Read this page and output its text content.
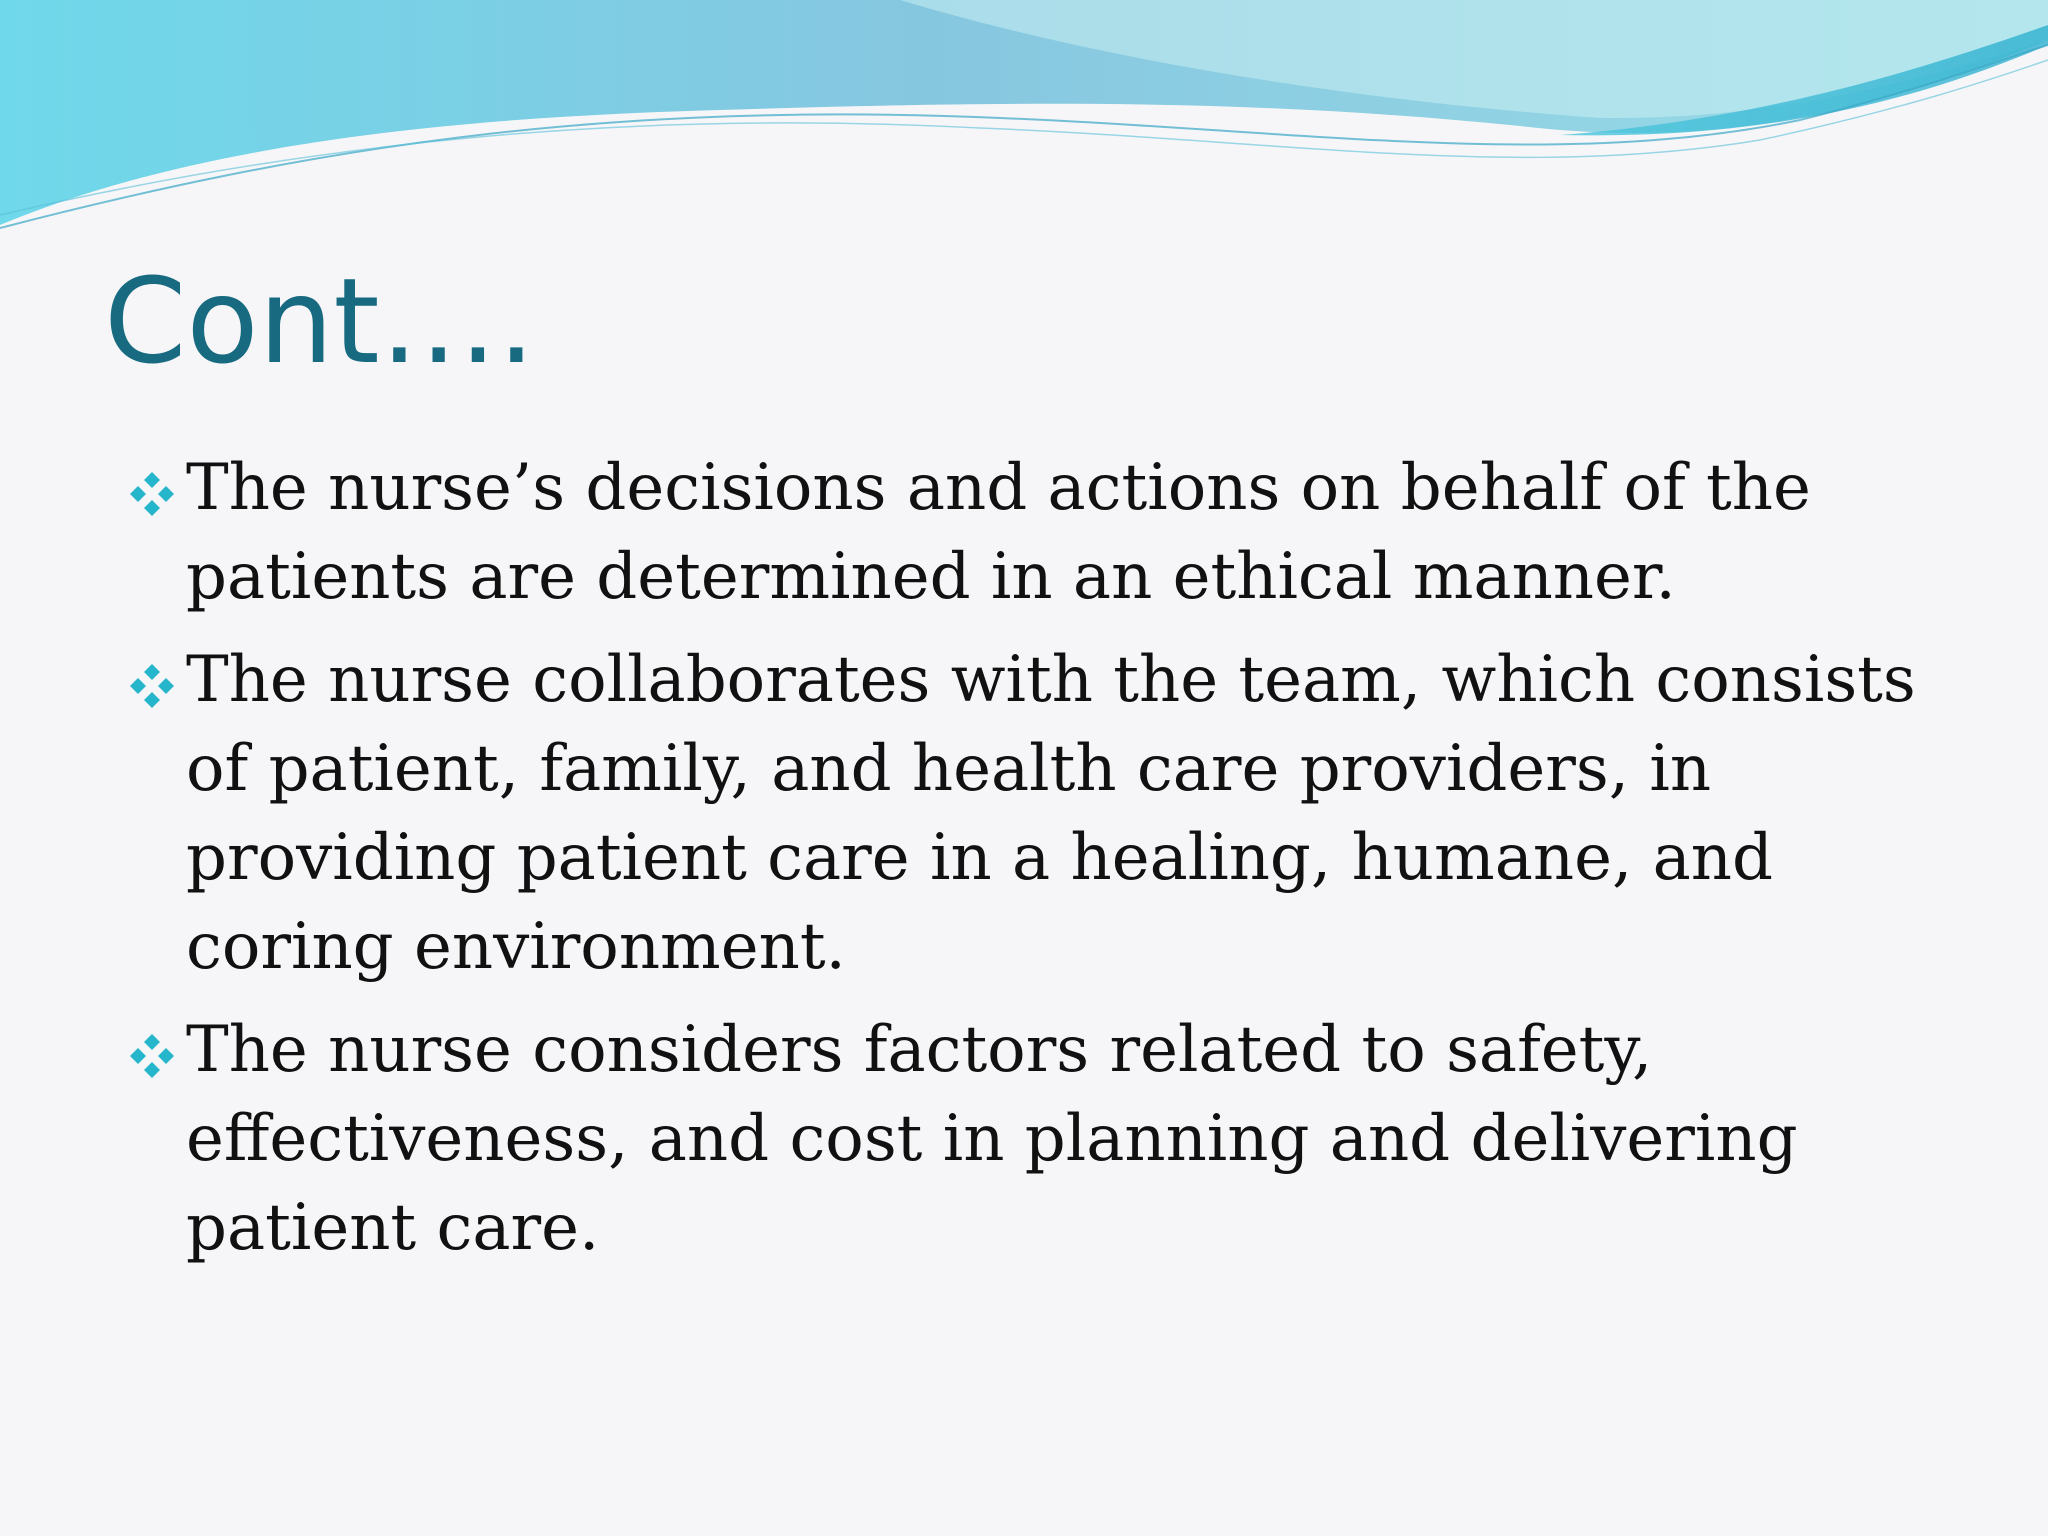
Cont….
The nurse’s decisions and actions on behalf of the
patients are determined in an ethical manner.
The nurse collaborates with the team, which consists
of patient, family, and health care providers, in
providing patient care in a healing, humane, and
coring environment.
The nurse considers factors related to safety,
effectiveness, and cost in planning and delivering
patient care.
